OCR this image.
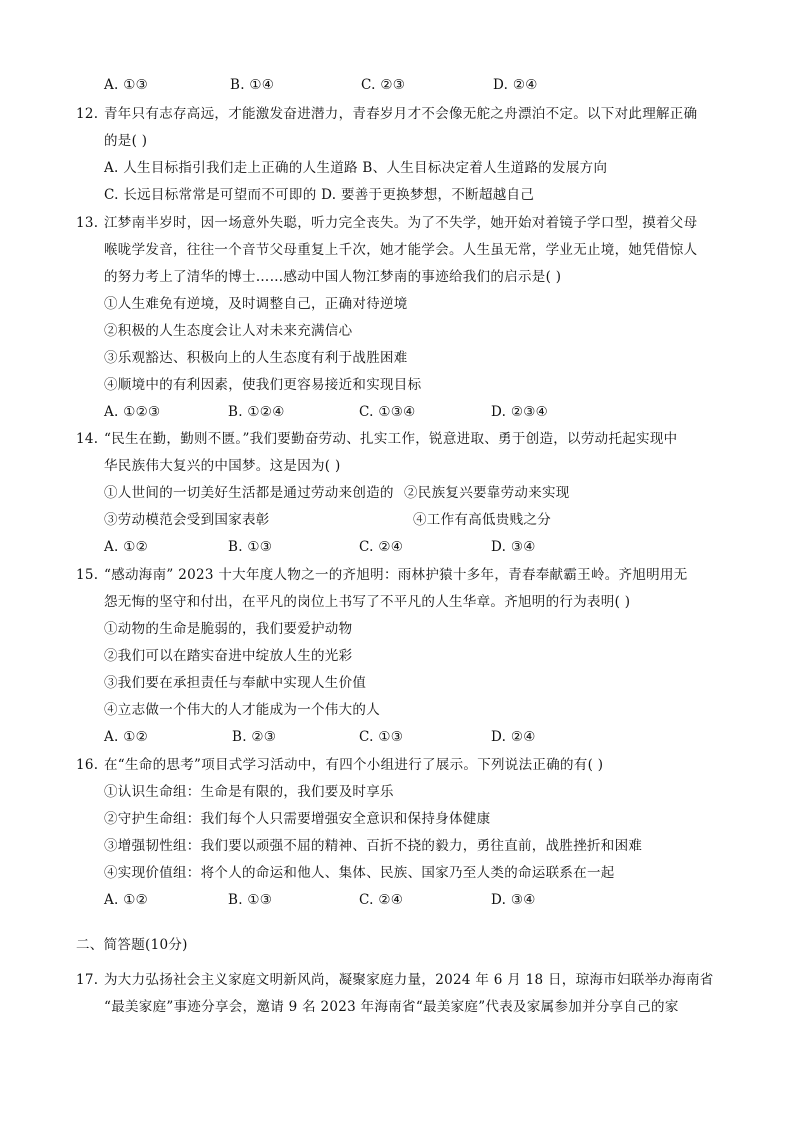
A. ①③	B. ①④	C. ②③	D. ②④
12. 青年只有志存高远，才能激发奋进潜力，青春岁月才不会像无舵之舟漂泊不定。以下对此理解正确
的是( )
A. 人生目标指引我们走上正确的人生道路 B、人生目标决定着人生道路的发展方向
C. 长远目标常常是可望而不可即的 D. 要善于更换梦想，不断超越自己
13. 江梦南半岁时，因一场意外失聪，听力完全丧失。为了不失学，她开始对着镜子学口型，摸着父母
喉咙学发音，往往一个音节父母重复上千次，她才能学会。人生虽无常，学业无止境，她凭借惊人
的努力考上了清华的博士……感动中国人物江梦南的事迹给我们的启示是( )
①人生难免有逆境，及时调整自己，正确对待逆境
②积极的人生态度会让人对未来充满信心
③乐观豁达、积极向上的人生态度有利于战胜困难
④顺境中的有利因素，使我们更容易接近和实现目标
A. ①②③	B. ①②④	C. ①③④	D. ②③④
14. “民生在勤，勤则不匮。”我们要勤奋劳动、扎实工作，锐意进取、勇于创造，以劳动托起实现中
华民族伟大复兴的中国梦。这是因为( )
①人世间的一切美好生活都是通过劳动来创造的 ②民族复兴要靠劳动来实现
③劳动模范会受到国家表彰	④工作有高低贵贱之分
A. ①②	B. ①③	C. ②④	D. ③④
15. “感动海南” 2023 十大年度人物之一的齐旭明：雨林护猿十多年，青春奉献霸王岭。齐旭明用无
怨无悔的坚守和付出，在平凡的岗位上书写了不平凡的人生华章。齐旭明的行为表明( )
①动物的生命是脆弱的，我们要爱护动物
②我们可以在踏实奋进中绽放人生的光彩
③我们要在承担责任与奉献中实现人生价值
④立志做一个伟大的人才能成为一个伟大的人
A. ①②	B. ②③	C. ①③	D. ②④
16. 在“生命的思考”项目式学习活动中，有四个小组进行了展示。下列说法正确的有( )
①认识生命组：生命是有限的，我们要及时享乐
②守护生命组：我们每个人只需要增强安全意识和保持身体健康
③增强韧性组：我们要以顽强不屈的精神、百折不挠的毅力，勇往直前，战胜挫折和困难
④实现价值组：将个人的命运和他人、集体、民族、国家乃至人类的命运联系在一起
A. ①②	B. ①③	C. ②④	D. ③④
二、简答题(10分)
17. 为大力弘扬社会主义家庭文明新风尚，凝聚家庭力量，2024 年 6 月 18 日，琼海市妇联举办海南省
“最美家庭”事迹分享会，邀请 9 名 2023 年海南省“最美家庭”代表及家属参加并分享自己的家
